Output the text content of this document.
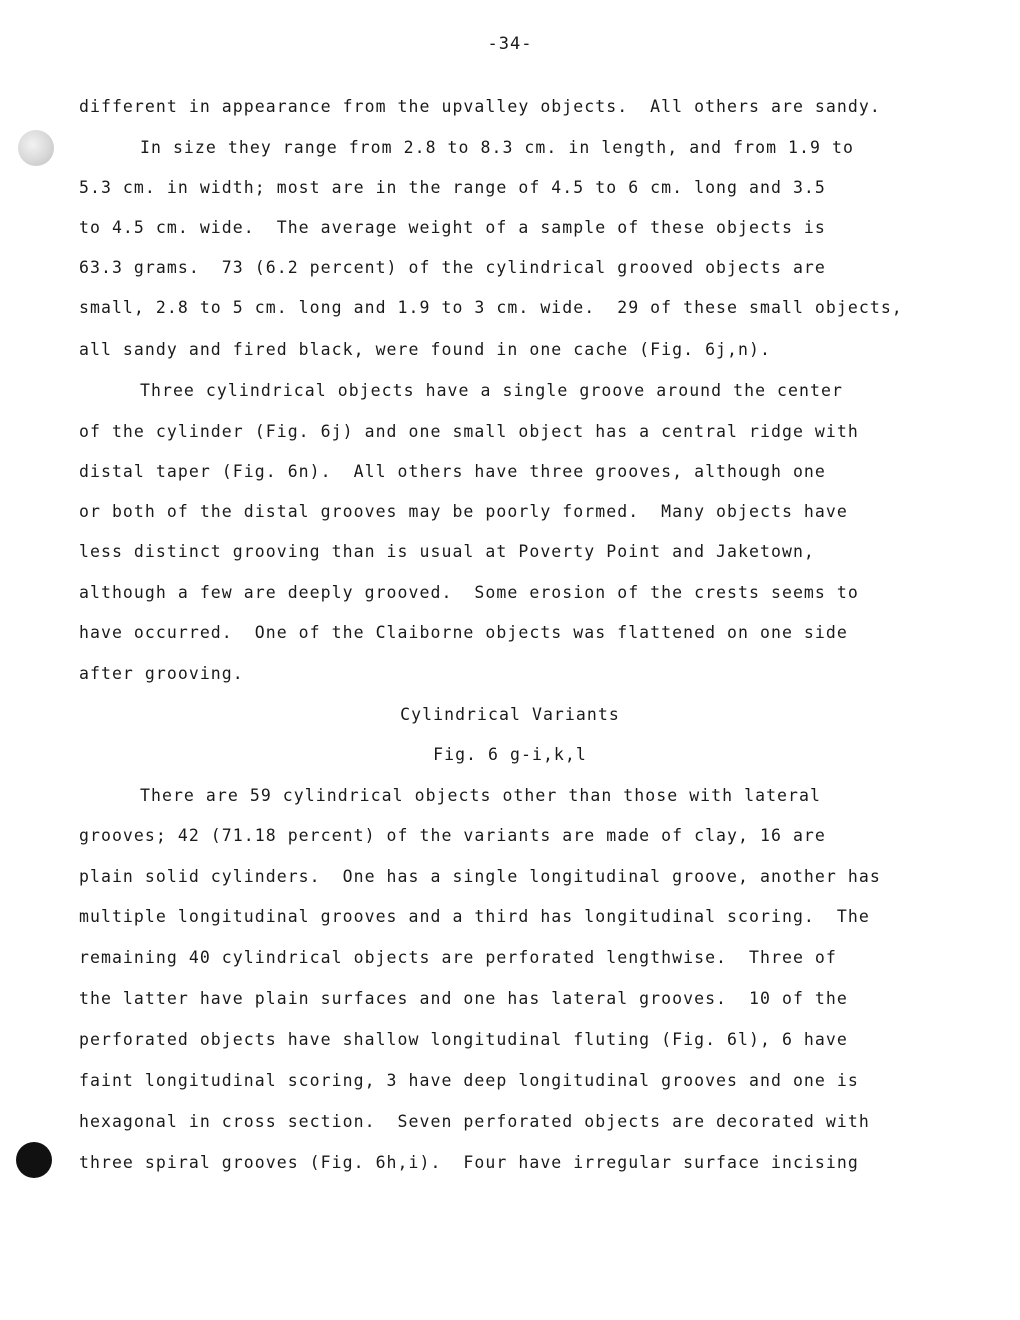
-34-
different in appearance from the upvalley objects.  All others are sandy.
In size they range from 2.8 to 8.3 cm. in length, and from 1.9 to
5.3 cm. in width; most are in the range of 4.5 to 6 cm. long and 3.5
to 4.5 cm. wide.  The average weight of a sample of these objects is
63.3 grams.  73 (6.2 percent) of the cylindrical grooved objects are
small, 2.8 to 5 cm. long and 1.9 to 3 cm. wide.  29 of these small objects,
all sandy and fired black, were found in one cache (Fig. 6j,n).
Three cylindrical objects have a single groove around the center
of the cylinder (Fig. 6j) and one small object has a central ridge with
distal taper (Fig. 6n).  All others have three grooves, although one
or both of the distal grooves may be poorly formed.  Many objects have
less distinct grooving than is usual at Poverty Point and Jaketown,
although a few are deeply grooved.  Some erosion of the crests seems to
have occurred.  One of the Claiborne objects was flattened on one side
after grooving.
Cylindrical Variants
Fig. 6 g-i,k,l
There are 59 cylindrical objects other than those with lateral
grooves; 42 (71.18 percent) of the variants are made of clay, 16 are
plain solid cylinders.  One has a single longitudinal groove, another has
multiple longitudinal grooves and a third has longitudinal scoring.  The
remaining 40 cylindrical objects are perforated lengthwise.  Three of
the latter have plain surfaces and one has lateral grooves.  10 of the
perforated objects have shallow longitudinal fluting (Fig. 6l), 6 have
faint longitudinal scoring, 3 have deep longitudinal grooves and one is
hexagonal in cross section.  Seven perforated objects are decorated with
three spiral grooves (Fig. 6h,i).  Four have irregular surface incising
